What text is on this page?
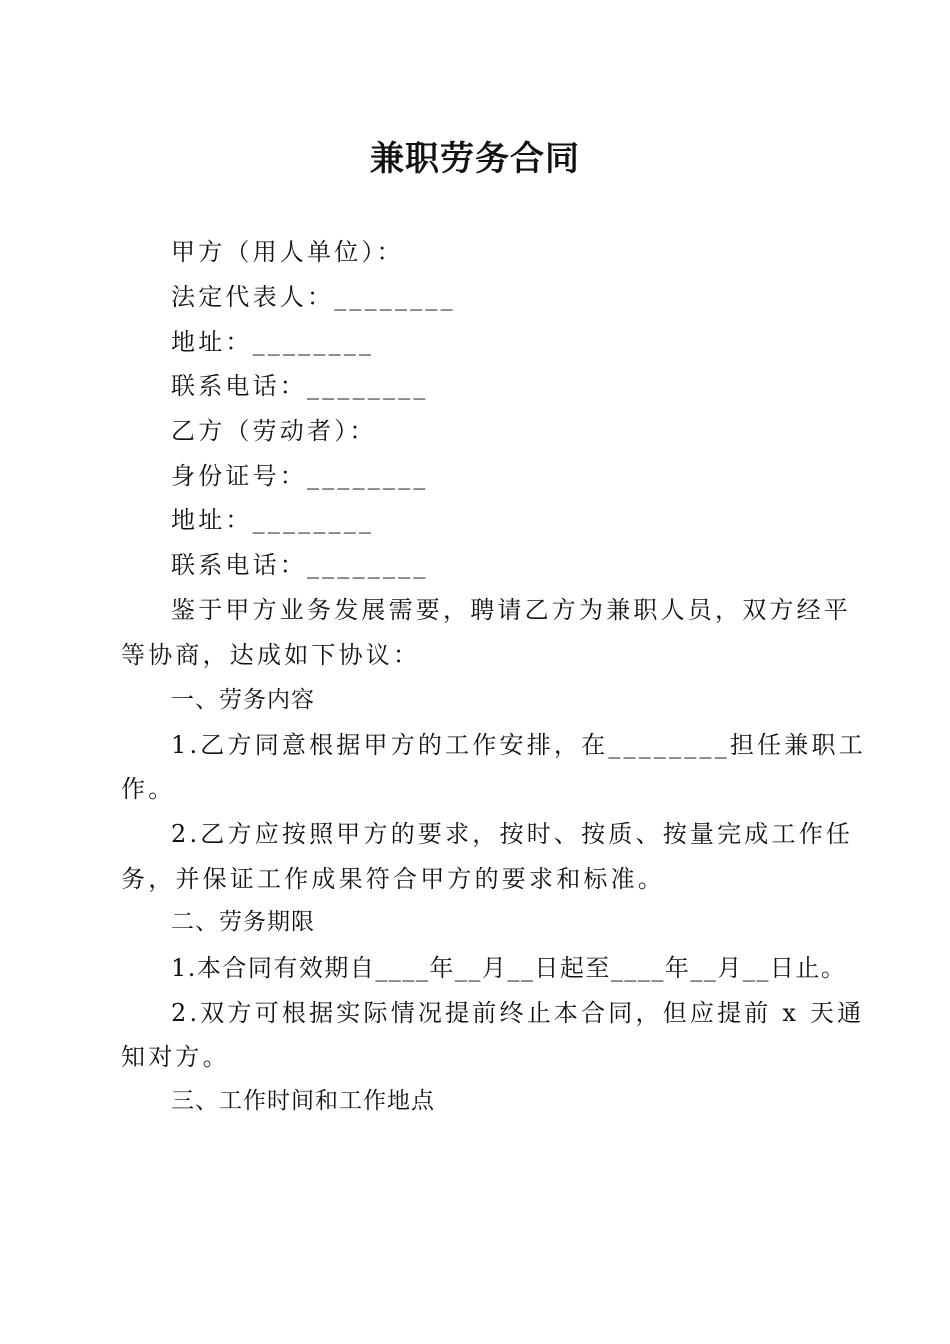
兼职劳务合同
甲方（用人单位）：
法定代表人：________
地址：________
联系电话：________
乙方（劳动者）：
身份证号：________
地址：________
联系电话：________
鉴于甲方业务发展需要，聘请乙方为兼职人员，双方经平
等协商，达成如下协议：
一、劳务内容
1.乙方同意根据甲方的工作安排，在________担任兼职工
作。
2.乙方应按照甲方的要求，按时、按质、按量完成工作任
务，并保证工作成果符合甲方的要求和标准。
二、劳务期限
1.本合同有效期自____年__月__日起至____年__月__日止。
2.双方可根据实际情况提前终止本合同，但应提前 x 天通
知对方。
三、工作时间和工作地点
